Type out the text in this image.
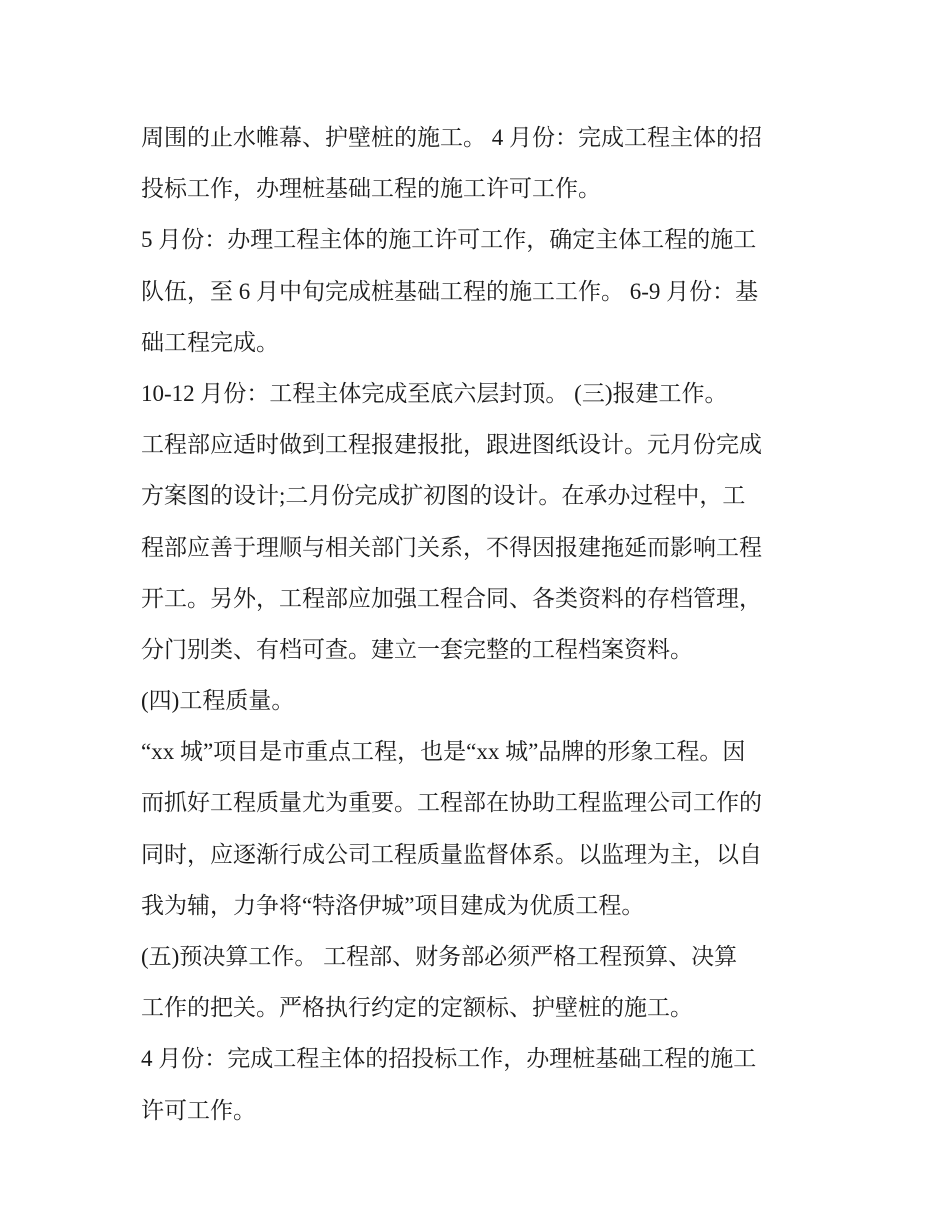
周围的止水帷幕、护壁桩的施工。 4 月份：完成工程主体的招
投标工作，办理桩基础工程的施工许可工作。

5 月份：办理工程主体的施工许可工作，确定主体工程的施工
队伍，至 6 月中旬完成桩基础工程的施工工作。 6-9 月份：基
础工程完成。

10-12 月份：工程主体完成至底六层封顶。 (三)报建工作。

工程部应适时做到工程报建报批，跟进图纸设计。元月份完成
方案图的设计;二月份完成扩初图的设计。在承办过程中，工
程部应善于理顺与相关部门关系，不得因报建拖延而影响工程
开工。另外，工程部应加强工程合同、各类资料的存档管理，
分门别类、有档可查。建立一套完整的工程档案资料。

(四)工程质量。

“xx 城”项目是市重点工程，也是“xx 城”品牌的形象工程。因
而抓好工程质量尤为重要。工程部在协助工程监理公司工作的
同时，应逐渐行成公司工程质量监督体系。以监理为主，以自
我为辅，力争将“特洛伊城”项目建成为优质工程。

(五)预决算工作。 工程部、财务部必须严格工程预算、决算
工作的把关。严格执行约定的定额标、护壁桩的施工。

4 月份：完成工程主体的招投标工作，办理桩基础工程的施工
许可工作。
